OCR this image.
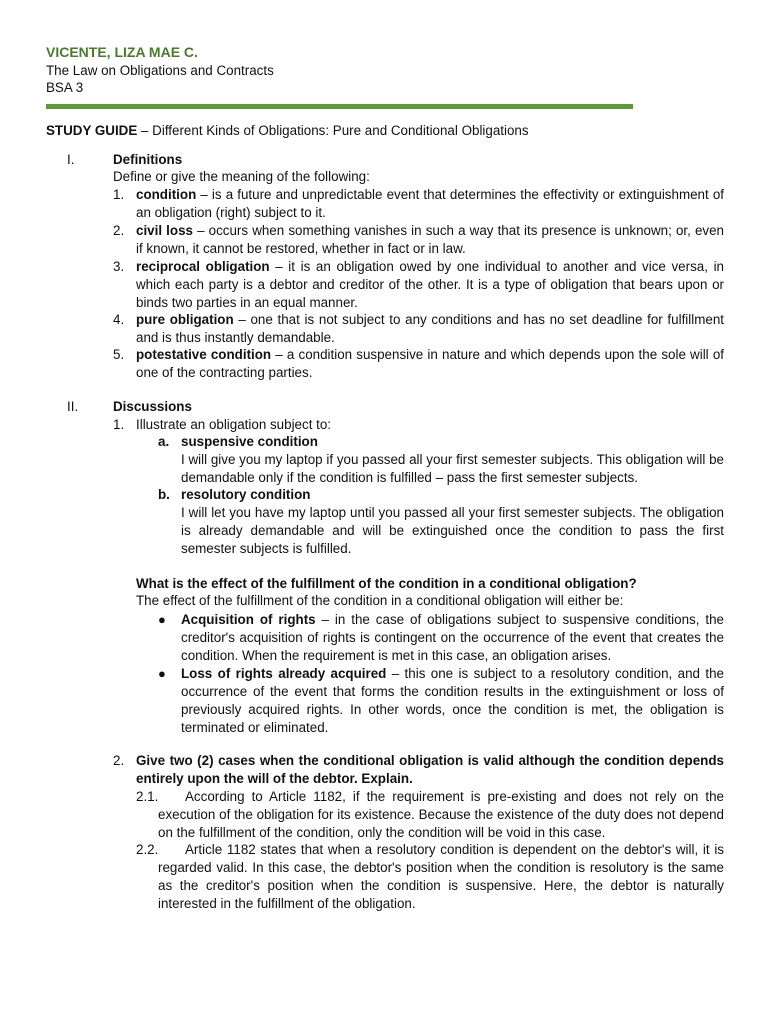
VICENTE, LIZA MAE C.
The Law on Obligations and Contracts
BSA 3
STUDY GUIDE – Different Kinds of Obligations: Pure and Conditional Obligations
I.	Definitions
Define or give the meaning of the following:
1. condition – is a future and unpredictable event that determines the effectivity or extinguishment of an obligation (right) subject to it.
2. civil loss – occurs when something vanishes in such a way that its presence is unknown; or, even if known, it cannot be restored, whether in fact or in law.
3. reciprocal obligation – it is an obligation owed by one individual to another and vice versa, in which each party is a debtor and creditor of the other. It is a type of obligation that bears upon or binds two parties in an equal manner.
4. pure obligation – one that is not subject to any conditions and has no set deadline for fulfillment and is thus instantly demandable.
5. potestative condition – a condition suspensive in nature and which depends upon the sole will of one of the contracting parties.
II.	Discussions
1. Illustrate an obligation subject to:
a. suspensive condition
I will give you my laptop if you passed all your first semester subjects. This obligation will be demandable only if the condition is fulfilled – pass the first semester subjects.
b. resolutory condition
I will let you have my laptop until you passed all your first semester subjects. The obligation is already demandable and will be extinguished once the condition to pass the first semester subjects is fulfilled.
What is the effect of the fulfillment of the condition in a conditional obligation?
The effect of the fulfillment of the condition in a conditional obligation will either be:
● Acquisition of rights – in the case of obligations subject to suspensive conditions, the creditor's acquisition of rights is contingent on the occurrence of the event that creates the condition. When the requirement is met in this case, an obligation arises.
● Loss of rights already acquired – this one is subject to a resolutory condition, and the occurrence of the event that forms the condition results in the extinguishment or loss of previously acquired rights. In other words, once the condition is met, the obligation is terminated or eliminated.
2. Give two (2) cases when the conditional obligation is valid although the condition depends entirely upon the will of the debtor. Explain.
2.1.	According to Article 1182, if the requirement is pre-existing and does not rely on the execution of the obligation for its existence. Because the existence of the duty does not depend on the fulfillment of the condition, only the condition will be void in this case.
2.2.	Article 1182 states that when a resolutory condition is dependent on the debtor's will, it is regarded valid. In this case, the debtor's position when the condition is resolutory is the same as the creditor's position when the condition is suspensive. Here, the debtor is naturally interested in the fulfillment of the obligation.
